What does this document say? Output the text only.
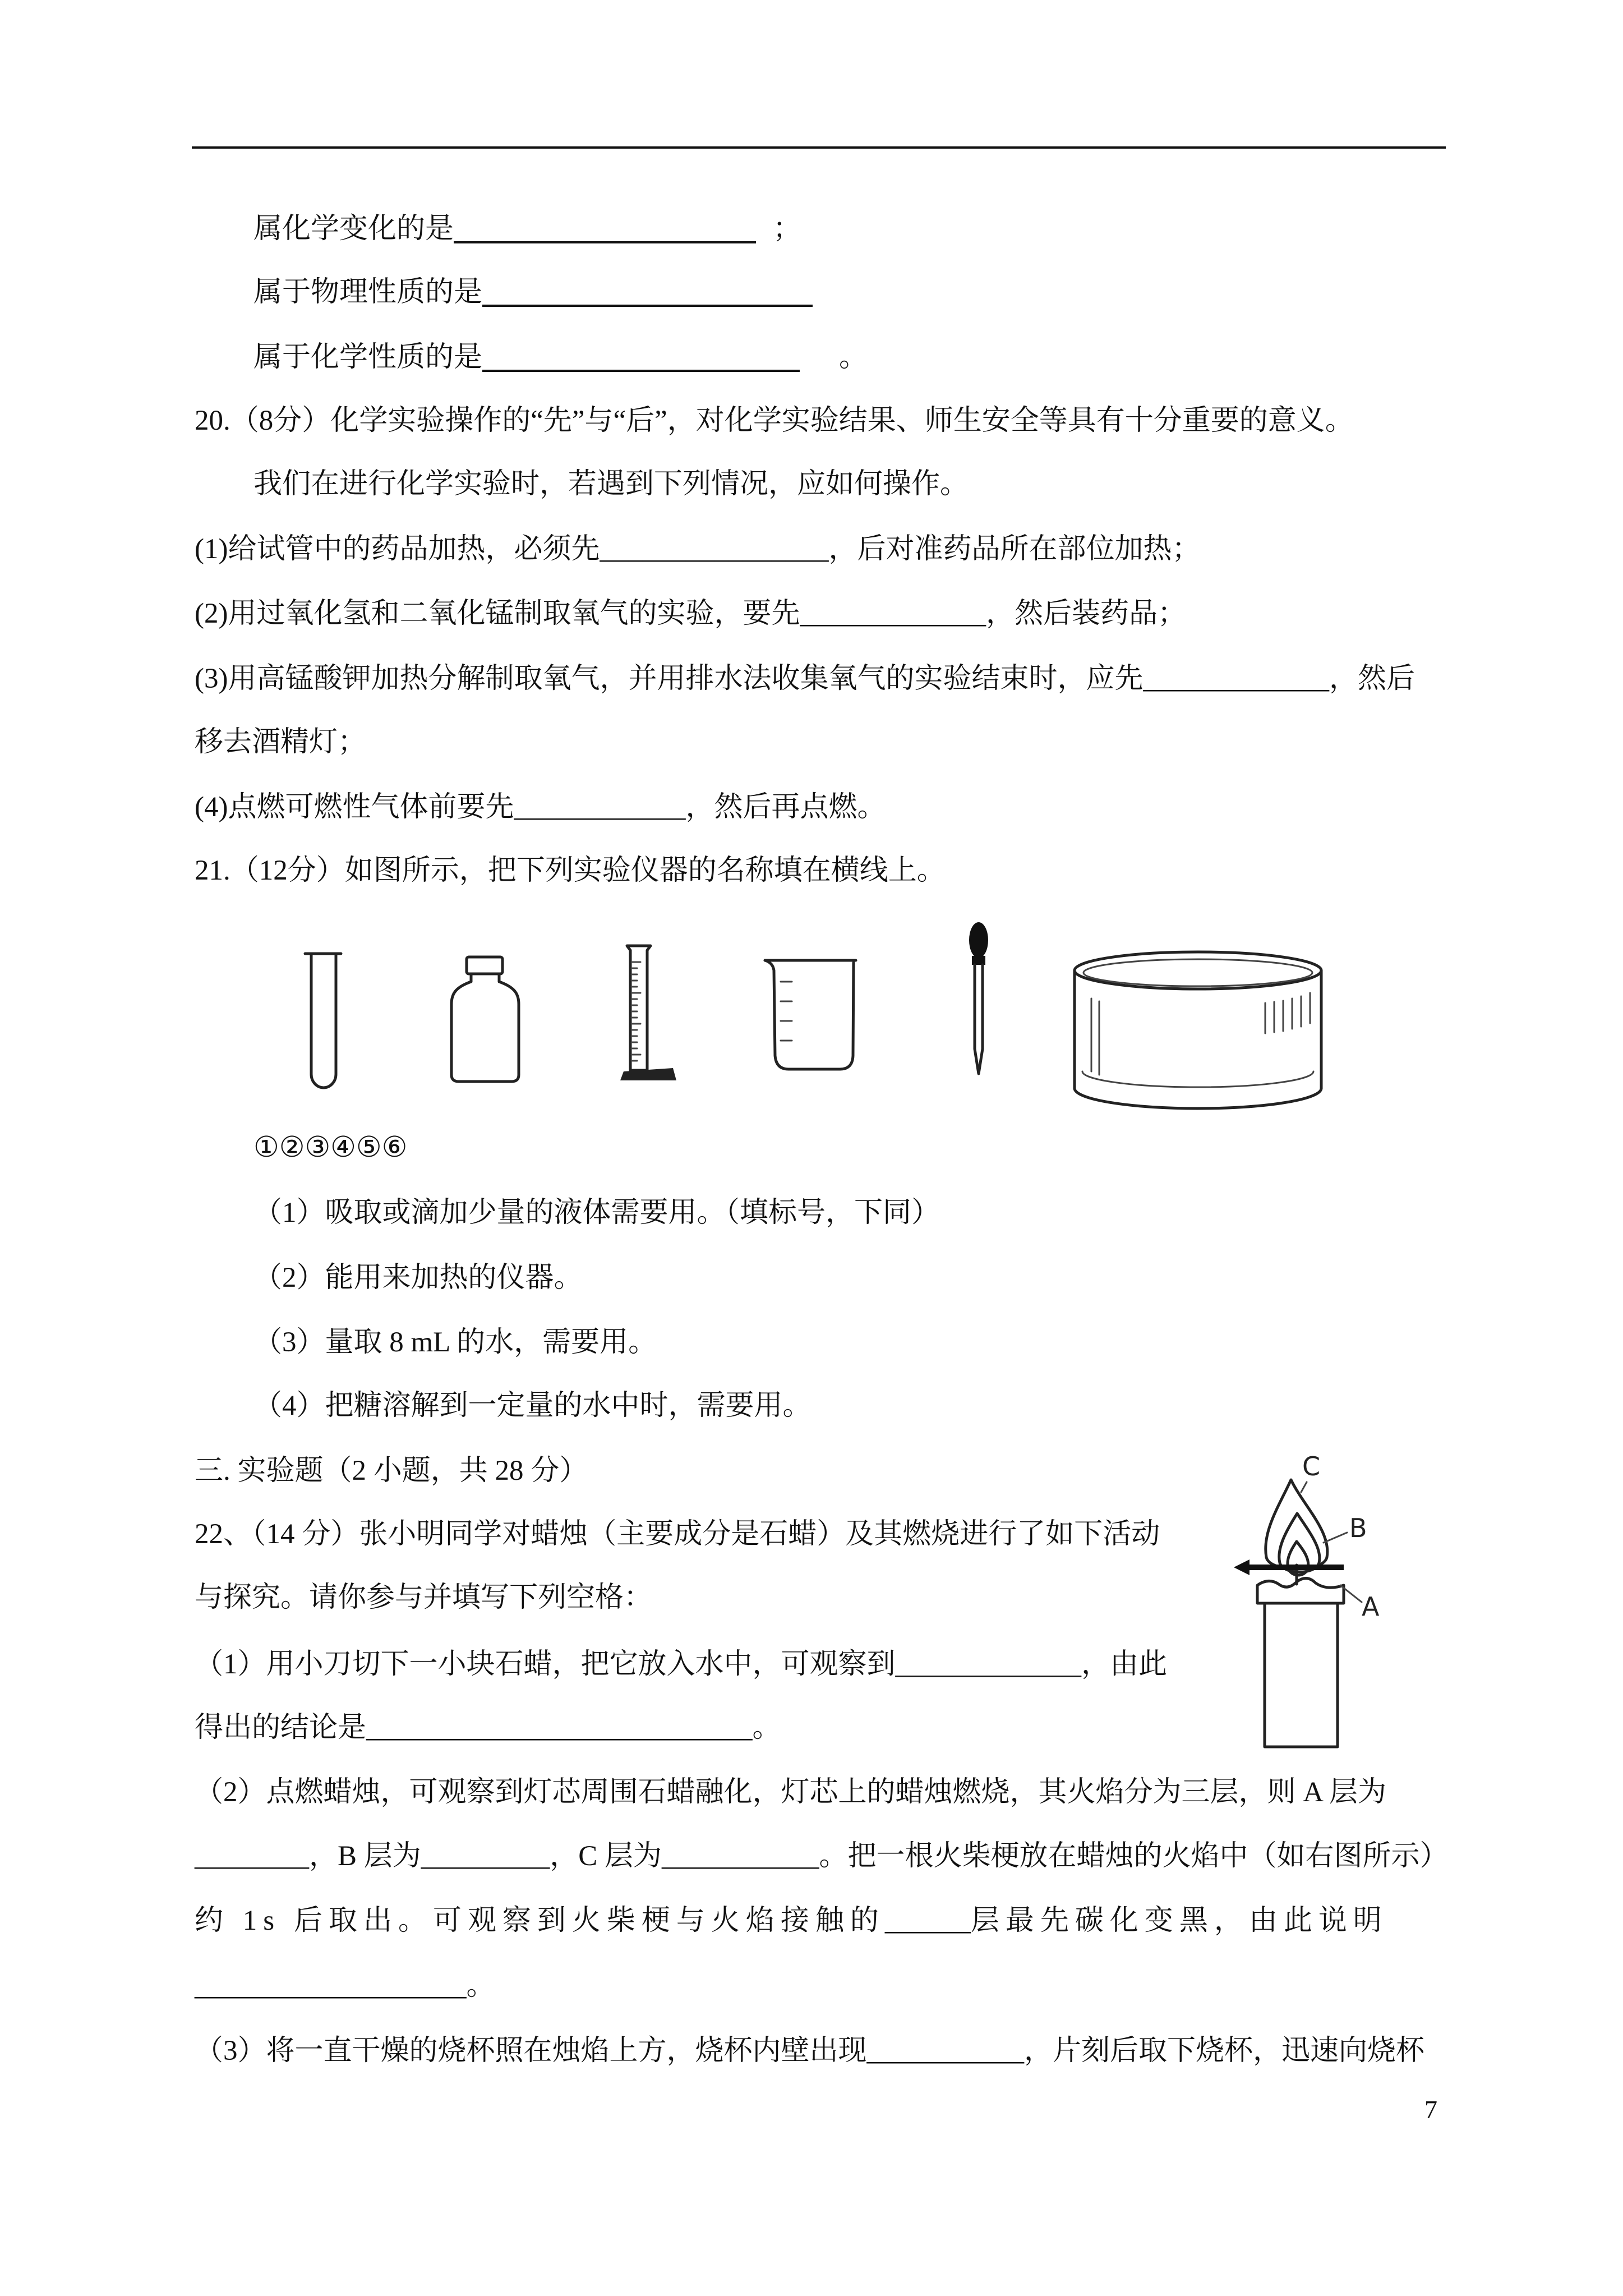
属化学变化的是	；
属于物理性质的是
属于化学性质的是	。
20.（8分）化学实验操作的“先”与“后”，对化学实验结果、师生安全等具有十分重要的意义。
我们在进行化学实验时，若遇到下列情况，应如何操作。
(1)给试管中的药品加热，必须先________________，后对准药品所在部位加热；
(2)用过氧化氢和二氧化锰制取氧气的实验，要先_____________，然后装药品；
(3)用高锰酸钾加热分解制取氧气，并用排水法收集氧气的实验结束时，应先_____________，然后
移去酒精灯；
(4)点燃可燃性气体前要先____________，然后再点燃。
21.（12分）如图所示，把下列实验仪器的名称填在横线上。
①②③④⑤⑥
（1）吸取或滴加少量的液体需要用。（填标号，下同）
（2）能用来加热的仪器。
（3）量取 8 mL 的水，需要用。
（4）把糖溶解到一定量的水中时，需要用。
三. 实验题（2 小题，共 28 分）
22、（14 分）张小明同学对蜡烛（主要成分是石蜡）及其燃烧进行了如下活动
与探究。请你参与并填写下列空格：
（1）用小刀切下一小块石蜡，把它放入水中，可观察到_____________，由此
得出的结论是___________________________。
（2）点燃蜡烛，可观察到灯芯周围石蜡融化，灯芯上的蜡烛燃烧，其火焰分为三层，则 A 层为
________，B 层为_________，C 层为___________。把一根火柴梗放在蜡烛的火焰中（如右图所示）
约 1s 后取出。可观察到火柴梗与火焰接触的______层最先碳化变黑，由此说明
___________________。
（3）将一直干燥的烧杯照在烛焰上方，烧杯内壁出现___________，片刻后取下烧杯，迅速向烧杯
C
B
A
7
